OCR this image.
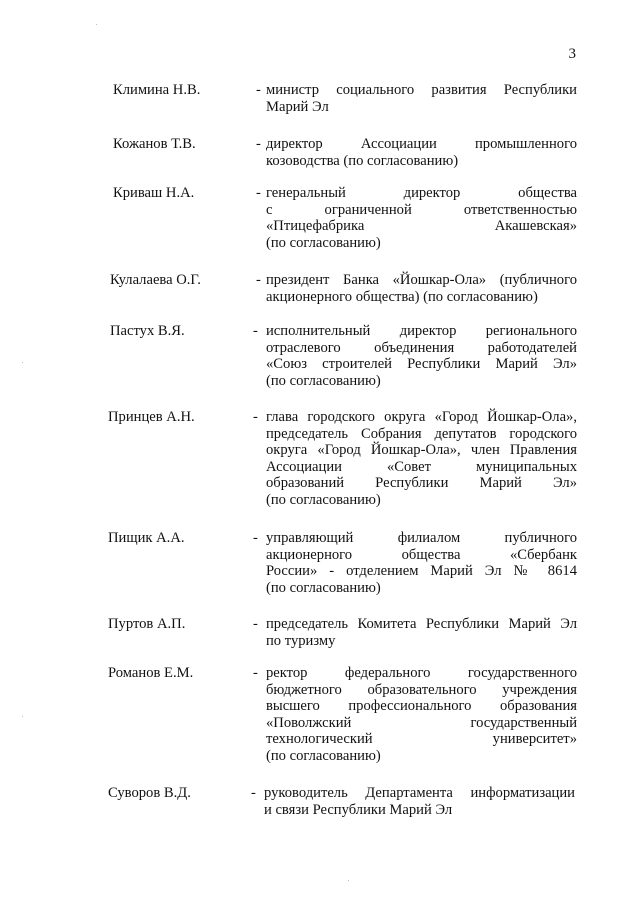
3
Климина Н.В.	- министр социального развития Республики
Марий Эл
Кожанов Т.В.	- директор Ассоциации промышленного
козоводства (по согласованию)
Криваш Н.А.	- генеральный директор общества
с ограниченной ответственностью
«Птицефабрика Акашевская»
(по согласованию)
Кулалаева О.Г.	- президент Банка «Йошкар-Ола» (публичного
акционерного общества) (по согласованию)
Пастух В.Я.	- исполнительный директор регионального
отраслевого объединения работодателей
«Союз строителей Республики Марий Эл»
(по согласованию)
Принцев А.Н.	- глава городского округа «Город Йошкар-Ола»,
председатель Собрания депутатов городского
округа «Город Йошкар-Ола», член Правления
Ассоциации «Совет муниципальных
образований Республики Марий Эл»
(по согласованию)
Пищик А.А.	- управляющий филиалом публичного
акционерного общества «Сбербанк
России» - отделением Марий Эл № 8614
(по согласованию)
Пуртов А.П.	- председатель Комитета Республики Марий Эл
по туризму
Романов Е.М.	- ректор федерального государственного
бюджетного образовательного учреждения
высшего профессионального образования
«Поволжский государственный
технологический университет»
(по согласованию)
Суворов В.Д.	- руководитель Департамента информатизации
и связи Республики Марий Эл
